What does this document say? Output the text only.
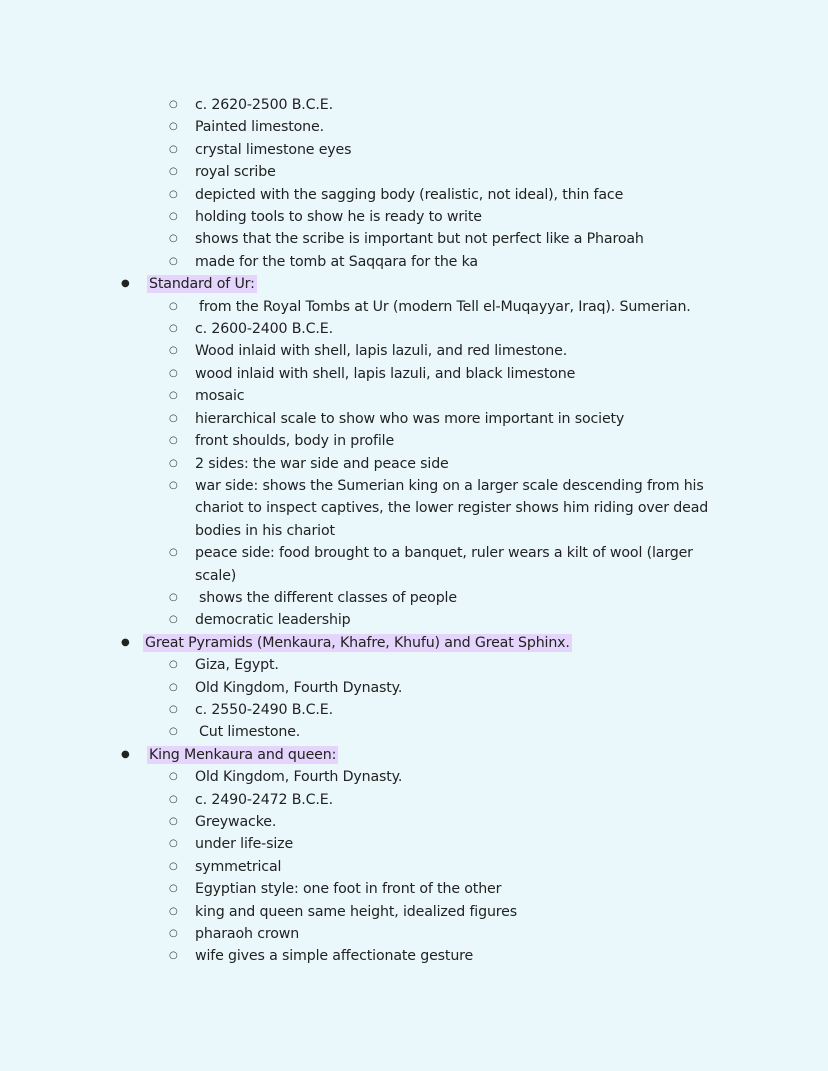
○ c. 2620-2500 B.C.E.
○ Painted limestone.
○ crystal limestone eyes
○ royal scribe
○ depicted with the sagging body (realistic, not ideal), thin face
○ holding tools to show he is ready to write
○ shows that the scribe is important but not perfect like a Pharoah
○ made for the tomb at Saqqara for the ka
● Standard of Ur:
○ from the Royal Tombs at Ur (modern Tell el-Muqayyar, Iraq). Sumerian.
○ c. 2600-2400 B.C.E.
○ Wood inlaid with shell, lapis lazuli, and red limestone.
○ wood inlaid with shell, lapis lazuli, and black limestone
○ mosaic
○ hierarchical scale to show who was more important in society
○ front shoulds, body in profile
○ 2 sides: the war side and peace side
○ war side: shows the Sumerian king on a larger scale descending from his chariot to inspect captives, the lower register shows him riding over dead bodies in his chariot
○ peace side: food brought to a banquet, ruler wears a kilt of wool (larger scale)
○ shows the different classes of people
○ democratic leadership
● Great Pyramids (Menkaura, Khafre, Khufu) and Great Sphinx.
○ Giza, Egypt.
○ Old Kingdom, Fourth Dynasty.
○ c. 2550-2490 B.C.E.
○ Cut limestone.
● King Menkaura and queen:
○ Old Kingdom, Fourth Dynasty.
○ c. 2490-2472 B.C.E.
○ Greywacke.
○ under life-size
○ symmetrical
○ Egyptian style: one foot in front of the other
○ king and queen same height, idealized figures
○ pharaoh crown
○ wife gives a simple affectionate gesture
